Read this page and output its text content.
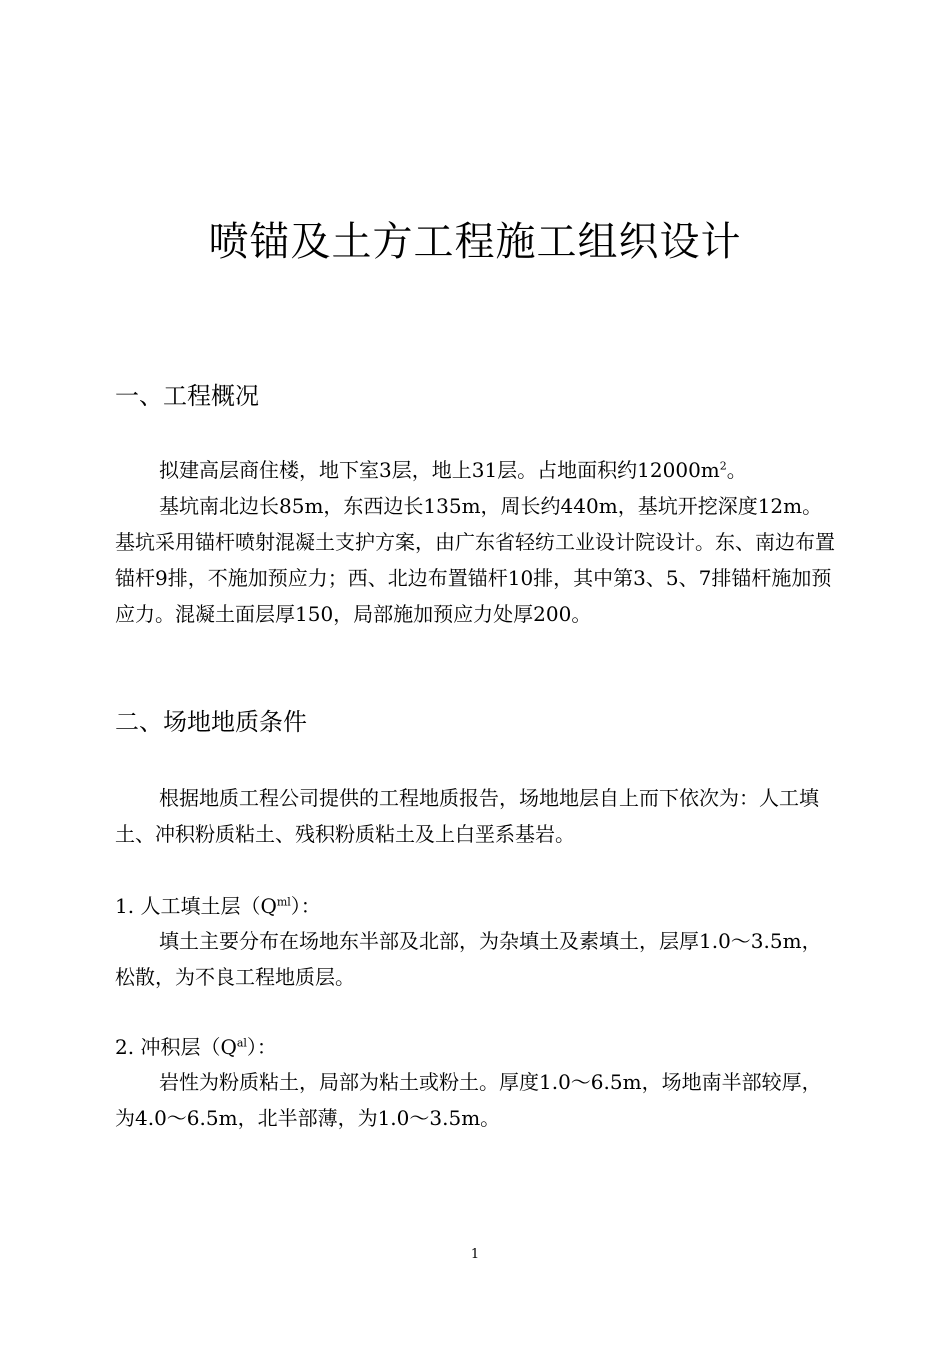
喷锚及土方工程施工组织设计
一、工程概况

拟建高层商住楼，地下室3层，地上31层。占地面积约$12000m^2$。

基坑南北边长85m，东西边长135m，周长约440m，基坑开挖深度12m。基坑采用锚杆喷射混凝土支护方案，由广东省轻纺工业设计院设计。东、南边布置锚杆9排，不施加预应力；西、北边布置锚杆10排，其中第3、5、7排锚杆施加预应力。混凝土面层厚150，局部施加预应力处厚200。

二、场地地质条件

根据地质工程公司提供的工程地质报告，场地地层自上而下依次为：人工填土、冲积粉质粘土、残积粉质粘土及上白垩系基岩。

1. 人工填土层$(Q^{ml})$：

填土主要分布在场地东半部及北部，为杂填土及素填土，层厚1.0～3.5m，松散，为不良工程地质层。

2. 冲积层$(Q^{al})$：

岩性为粉质粘土，局部为粘土或粉土。厚度1.0～6.5m，场地南半部较厚，为4.0～6.5m，北半部薄，为1.0～3.5m。

1
